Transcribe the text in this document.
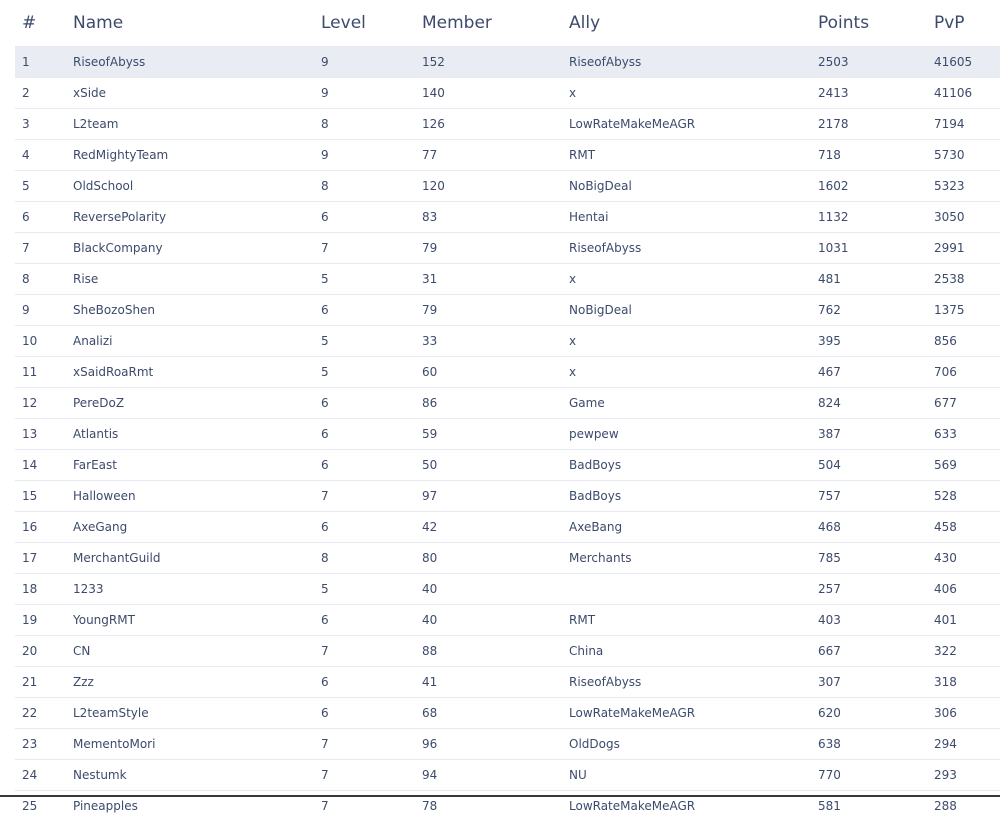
#	Name	Level	Member	Ally	Points	PvP
1	RiseofAbyss	9	152	RiseofAbyss	2503	41605
2	xSide	9	140	x	2413	41106
3	L2team	8	126	LowRateMakeMeAGR	2178	7194
4	RedMightyTeam	9	77	RMT	718	5730
5	OldSchool	8	120	NoBigDeal	1602	5323
6	ReversePolarity	6	83	Hentai	1132	3050
7	BlackCompany	7	79	RiseofAbyss	1031	2991
8	Rise	5	31	x	481	2538
9	SheBozoShen	6	79	NoBigDeal	762	1375
10	Analizi	5	33	x	395	856
11	xSaidRoaRmt	5	60	x	467	706
12	PereDoZ	6	86	Game	824	677
13	Atlantis	6	59	pewpew	387	633
14	FarEast	6	50	BadBoys	504	569
15	Halloween	7	97	BadBoys	757	528
16	AxeGang	6	42	AxeBang	468	458
17	MerchantGuild	8	80	Merchants	785	430
18	1233	5	40		257	406
19	YoungRMT	6	40	RMT	403	401
20	CN	7	88	China	667	322
21	Zzz	6	41	RiseofAbyss	307	318
22	L2teamStyle	6	68	LowRateMakeMeAGR	620	306
23	MementoMori	7	96	OldDogs	638	294
24	Nestumk	7	94	NU	770	293
25	Pineapples	7	78	LowRateMakeMeAGR	581	288
